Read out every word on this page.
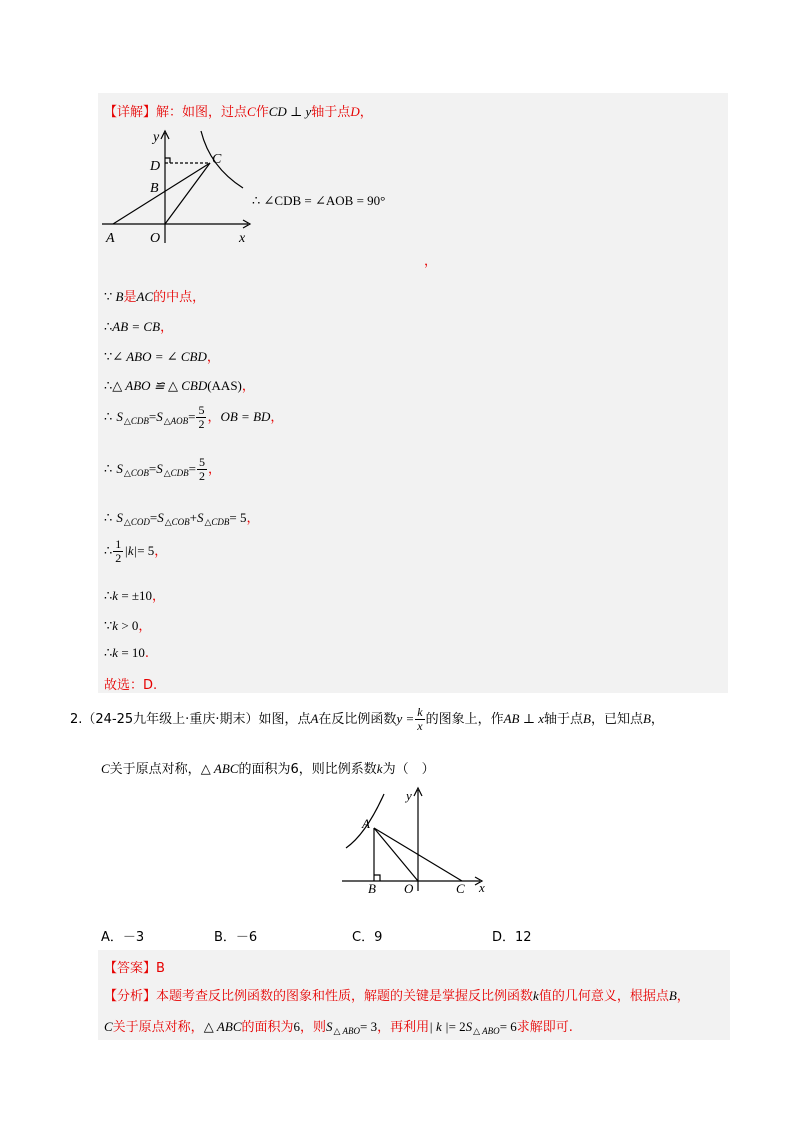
【详解】解：如图，过点C作CD ⊥ y轴于点D，
y
x
A
B
C
D
O
∴ ∠CDB = ∠AOB = 90°
，
∵ B是AC的中点，
∴AB = CB，
∵∠ ABO = ∠ CBD，
∴△ ABO ≌ △ CBD(AAS)，
∴ $S_{\triangle CDB}=S_{\triangle AOB}= \frac{5}{2}$ ，OB = BD，
∴ $S_{\triangle COB}=S_{\triangle CDB}= \frac{5}{2}$ ，
∴ $S_{\triangle COD}=S_{\triangle COB}+S_{\triangle CDB}= 5$，
∴ $\frac{1}{2} |k|= 5$，
∴k = ±10，
∵k > 0，
∴k = 10.
故选：D.
2.（24-25九年级上·重庆·期末）如图，点A在反比例函数$y = \frac{k}{x}$ 的图象上，作AB ⊥ x轴于点B，已知点B，
C关于原点对称，△ ABC的面积为6，则比例系数k为（　）
y
x
A
B O	C
A．－3	B．－6	C．9	D．12
【答案】B
【分析】本题考查反比例函数的图象和性质，解题的关键是掌握反比例函数k值的几何意义，根据点B，
C关于原点对称，△ ABC的面积为6，则$S_{\triangle ABO}= 3$，再利用| k |= $2S_{\triangle ABO}= 6$求解即可.
